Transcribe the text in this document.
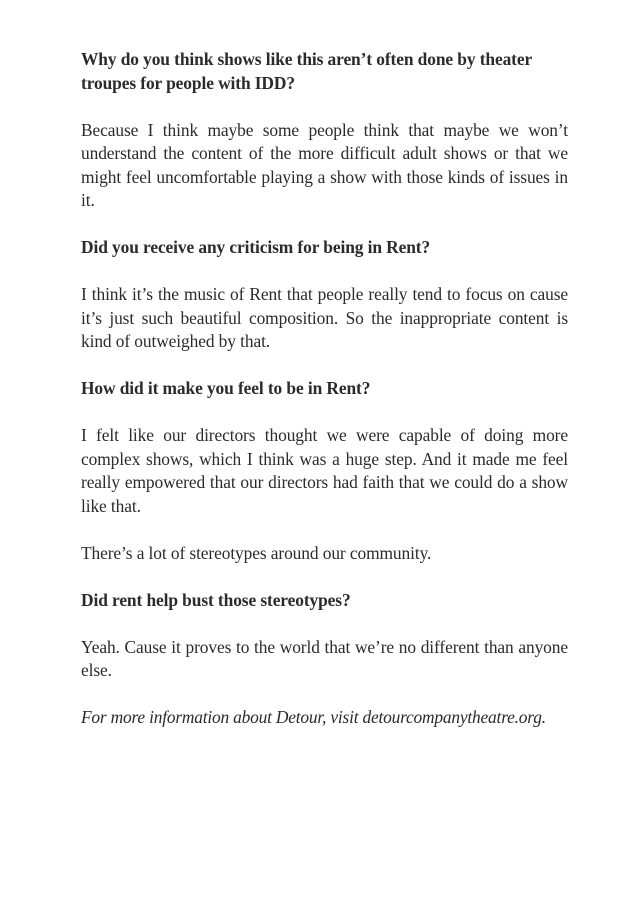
Why do you think shows like this aren’t often done by theater troupes for people with IDD?

Because I think maybe some people think that maybe we won’t understand the content of the more difficult adult shows or that we might feel uncomfortable playing a show with those kinds of issues in it.

Did you receive any criticism for being in Rent?

I think it’s the music of Rent that people really tend to focus on cause it’s just such beautiful composition. So the inappropriate content is kind of outweighed by that.

How did it make you feel to be in Rent?

I felt like our directors thought we were capable of doing more complex shows, which I think was a huge step. And it made me feel really empowered that our directors had faith that we could do a show like that.

There’s a lot of stereotypes around our community.

Did rent help bust those stereotypes?

Yeah. Cause it proves to the world that we’re no different than anyone else.

For more information about Detour, visit detourcompanytheatre.org.
